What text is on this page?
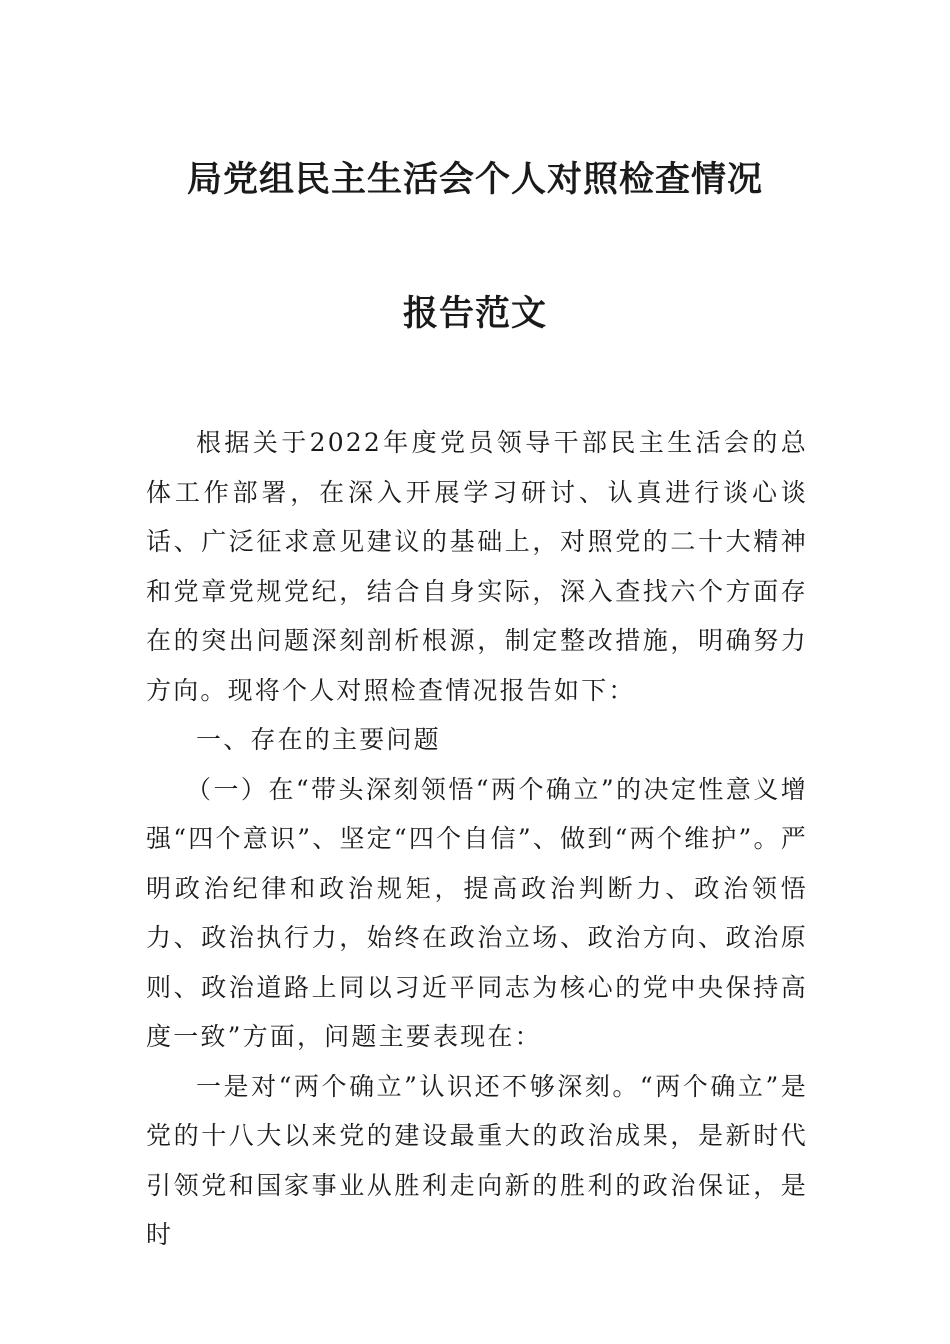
局党组民主生活会个人对照检查情况
报告范文

根据关于2022年度党员领导干部民主生活会的总体工作部署，在深入开展学习研讨、认真进行谈心谈话、广泛征求意见建议的基础上，对照党的二十大精神和党章党规党纪，结合自身实际，深入查找六个方面存在的突出问题深刻剖析根源，制定整改措施，明确努力方向。现将个人对照检查情况报告如下：

一、存在的主要问题

（一）在“带头深刻领悟“两个确立”的决定性意义增强“四个意识”、坚定“四个自信”、做到“两个维护”。严明政治纪律和政治规矩，提高政治判断力、政治领悟力、政治执行力，始终在政治立场、政治方向、政治原则、政治道路上同以习近平同志为核心的党中央保持高度一致”方面，问题主要表现在：

一是对“两个确立”认识还不够深刻。“两个确立”是党的十八大以来党的建设最重大的政治成果，是新时代引领党和国家事业从胜利走向新的胜利的政治保证，是时
